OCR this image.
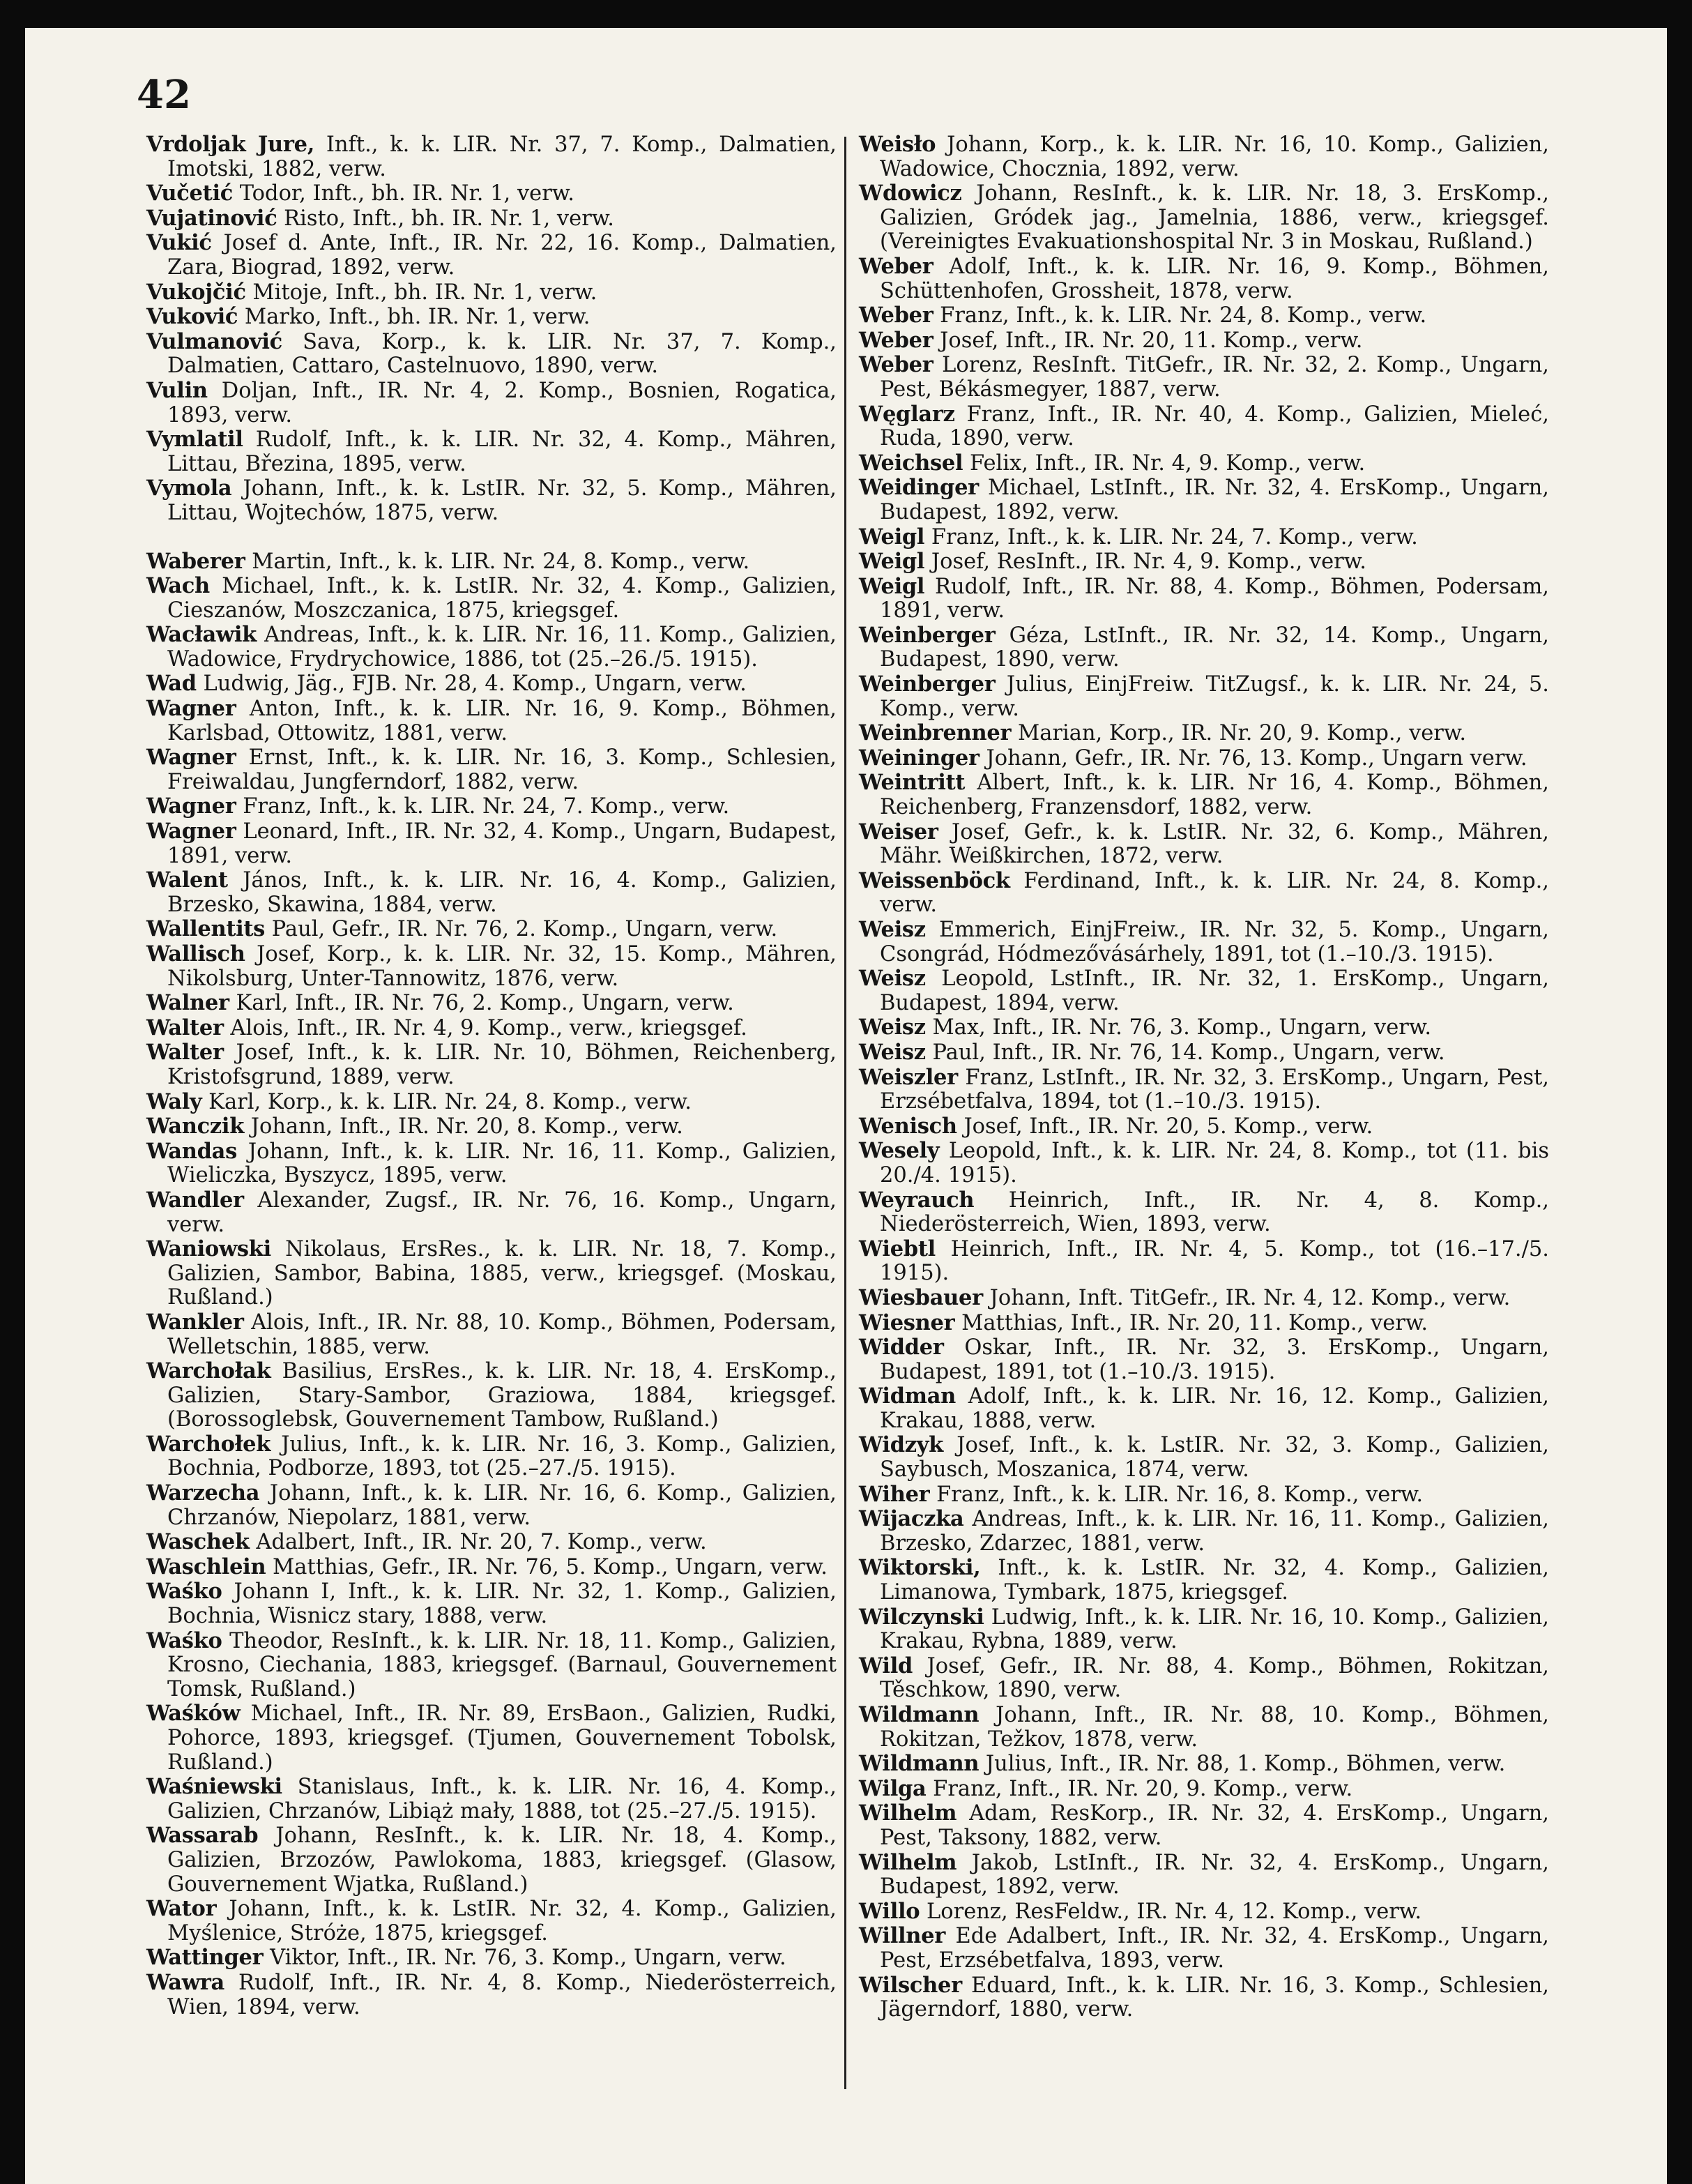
42
Vrdoljak Jure, Inft., k. k. LIR. Nr. 37, 7. Komp., Dalmatien, Imotski, 1882, verw.
Vučetić Todor, Inft., bh. IR. Nr. 1, verw.
Vujatinović Risto, Inft., bh. IR. Nr. 1, verw.
Vukić Josef d. Ante, Inft., IR. Nr. 22, 16. Komp., Dalmatien, Zara, Biograd, 1892, verw.
Vukojčić Mitoje, Inft., bh. IR. Nr. 1, verw.
Vuković Marko, Inft., bh. IR. Nr. 1, verw.
Vulmanović Sava, Korp., k. k. LIR. Nr. 37, 7. Komp., Dalmatien, Cattaro, Castelnuovo, 1890, verw.
Vulin Doljan, Inft., IR. Nr. 4, 2. Komp., Bosnien, Rogatica, 1893, verw.
Vymlatil Rudolf, Inft., k. k. LIR. Nr. 32, 4. Komp., Mähren, Littau, Březina, 1895, verw.
Vymola Johann, Inft., k. k. LstIR. Nr. 32, 5. Komp., Mähren, Littau, Wojtechów, 1875, verw.
Waberer Martin, Inft., k. k. LIR. Nr. 24, 8. Komp., verw.
Wach Michael, Inft., k. k. LstIR. Nr. 32, 4. Komp., Galizien, Cieszanów, Moszczanica, 1875, kriegsgef.
Wacławik Andreas, Inft., k. k. LIR. Nr. 16, 11. Komp., Galizien, Wadowice, Frydrychowice, 1886, tot (25.–26./5. 1915).
Wad Ludwig, Jäg., FJB. Nr. 28, 4. Komp., Ungarn, verw.
Wagner Anton, Inft., k. k. LIR. Nr. 16, 9. Komp., Böhmen, Karlsbad, Ottowitz, 1881, verw.
Wagner Ernst, Inft., k. k. LIR. Nr. 16, 3. Komp., Schlesien, Freiwaldau, Jungferndorf, 1882, verw.
Wagner Franz, Inft., k. k. LIR. Nr. 24, 7. Komp., verw.
Wagner Leonard, Inft., IR. Nr. 32, 4. Komp., Ungarn, Budapest, 1891, verw.
Walent János, Inft., k. k. LIR. Nr. 16, 4. Komp., Galizien, Brzesko, Skawina, 1884, verw.
Wallentits Paul, Gefr., IR. Nr. 76, 2. Komp., Ungarn, verw.
Wallisch Josef, Korp., k. k. LIR. Nr. 32, 15. Komp., Mähren, Nikolsburg, Unter-Tannowitz, 1876, verw.
Walner Karl, Inft., IR. Nr. 76, 2. Komp., Ungarn, verw.
Walter Alois, Inft., IR. Nr. 4, 9. Komp., verw., kriegsgef.
Walter Josef, Inft., k. k. LIR. Nr. 10, Böhmen, Reichenberg, Kristofsgrund, 1889, verw.
Waly Karl, Korp., k. k. LIR. Nr. 24, 8. Komp., verw.
Wanczik Johann, Inft., IR. Nr. 20, 8. Komp., verw.
Wandas Johann, Inft., k. k. LIR. Nr. 16, 11. Komp., Galizien, Wieliczka, Byszycz, 1895, verw.
Wandler Alexander, Zugsf., IR. Nr. 76, 16. Komp., Ungarn, verw.
Waniowski Nikolaus, ErsRes., k. k. LIR. Nr. 18, 7. Komp., Galizien, Sambor, Babina, 1885, verw., kriegsgef. (Moskau, Rußland.)
Wankler Alois, Inft., IR. Nr. 88, 10. Komp., Böhmen, Podersam, Welletschin, 1885, verw.
Warchołak Basilius, ErsRes., k. k. LIR. Nr. 18, 4. ErsKomp., Galizien, Stary-Sambor, Graziowa, 1884, kriegsgef. (Borossoglebsk, Gouvernement Tambow, Rußland.)
Warchołek Julius, Inft., k. k. LIR. Nr. 16, 3. Komp., Galizien, Bochnia, Podborze, 1893, tot (25.–27./5. 1915).
Warzecha Johann, Inft., k. k. LIR. Nr. 16, 6. Komp., Galizien, Chrzanów, Niepolarz, 1881, verw.
Waschek Adalbert, Inft., IR. Nr. 20, 7. Komp., verw.
Waschlein Matthias, Gefr., IR. Nr. 76, 5. Komp., Ungarn, verw.
Waśko Johann I, Inft., k. k. LIR. Nr. 32, 1. Komp., Galizien, Bochnia, Wisnicz stary, 1888, verw.
Waśko Theodor, ResInft., k. k. LIR. Nr. 18, 11. Komp., Galizien, Krosno, Ciechania, 1883, kriegsgef. (Barnaul, Gouvernement Tomsk, Rußland.)
Waśków Michael, Inft., IR. Nr. 89, ErsBaon., Galizien, Rudki, Pohorce, 1893, kriegsgef. (Tjumen, Gouvernement Tobolsk, Rußland.)
Waśniewski Stanislaus, Inft., k. k. LIR. Nr. 16, 4. Komp., Galizien, Chrzanów, Libiąż mały, 1888, tot (25.–27./5. 1915).
Wassarab Johann, ResInft., k. k. LIR. Nr. 18, 4. Komp., Galizien, Brzozów, Pawlokoma, 1883, kriegsgef. (Glasow, Gouvernement Wjatka, Rußland.)
Wator Johann, Inft., k. k. LstIR. Nr. 32, 4. Komp., Galizien, Myślenice, Stróże, 1875, kriegsgef.
Wattinger Viktor, Inft., IR. Nr. 76, 3. Komp., Ungarn, verw.
Wawra Rudolf, Inft., IR. Nr. 4, 8. Komp., Niederösterreich, Wien, 1894, verw.
Weisło Johann, Korp., k. k. LIR. Nr. 16, 10. Komp., Galizien, Wadowice, Chocznia, 1892, verw.
Wdowicz Johann, ResInft., k. k. LIR. Nr. 18, 3. ErsKomp., Galizien, Gródek jag., Jamelnia, 1886, verw., kriegsgef. (Vereinigtes Evakuationshospital Nr. 3 in Moskau, Rußland.)
Weber Adolf, Inft., k. k. LIR. Nr. 16, 9. Komp., Böhmen, Schüttenhofen, Grossheit, 1878, verw.
Weber Franz, Inft., k. k. LIR. Nr. 24, 8. Komp., verw.
Weber Josef, Inft., IR. Nr. 20, 11. Komp., verw.
Weber Lorenz, ResInft. TitGefr., IR. Nr. 32, 2. Komp., Ungarn, Pest, Békásmegyer, 1887, verw.
Węglarz Franz, Inft., IR. Nr. 40, 4. Komp., Galizien, Mieleć, Ruda, 1890, verw.
Weichsel Felix, Inft., IR. Nr. 4, 9. Komp., verw.
Weidinger Michael, LstInft., IR. Nr. 32, 4. ErsKomp., Ungarn, Budapest, 1892, verw.
Weigl Franz, Inft., k. k. LIR. Nr. 24, 7. Komp., verw.
Weigl Josef, ResInft., IR. Nr. 4, 9. Komp., verw.
Weigl Rudolf, Inft., IR. Nr. 88, 4. Komp., Böhmen, Podersam, 1891, verw.
Weinberger Géza, LstInft., IR. Nr. 32, 14. Komp., Ungarn, Budapest, 1890, verw.
Weinberger Julius, EinjFreiw. TitZugsf., k. k. LIR. Nr. 24, 5. Komp., verw.
Weinbrenner Marian, Korp., IR. Nr. 20, 9. Komp., verw.
Weininger Johann, Gefr., IR. Nr. 76, 13. Komp., Ungarn verw.
Weintritt Albert, Inft., k. k. LIR. Nr 16, 4. Komp., Böhmen, Reichenberg, Franzensdorf, 1882, verw.
Weiser Josef, Gefr., k. k. LstIR. Nr. 32, 6. Komp., Mähren, Mähr. Weißkirchen, 1872, verw.
Weissenböck Ferdinand, Inft., k. k. LIR. Nr. 24, 8. Komp., verw.
Weisz Emmerich, EinjFreiw., IR. Nr. 32, 5. Komp., Ungarn, Csongrád, Hódmezővásárhely, 1891, tot (1.–10./3. 1915).
Weisz Leopold, LstInft., IR. Nr. 32, 1. ErsKomp., Ungarn, Budapest, 1894, verw.
Weisz Max, Inft., IR. Nr. 76, 3. Komp., Ungarn, verw.
Weisz Paul, Inft., IR. Nr. 76, 14. Komp., Ungarn, verw.
Weiszler Franz, LstInft., IR. Nr. 32, 3. ErsKomp., Ungarn, Pest, Erzsébetfalva, 1894, tot (1.–10./3. 1915).
Wenisch Josef, Inft., IR. Nr. 20, 5. Komp., verw.
Wesely Leopold, Inft., k. k. LIR. Nr. 24, 8. Komp., tot (11. bis 20./4. 1915).
Weyrauch Heinrich, Inft., IR. Nr. 4, 8. Komp., Niederösterreich, Wien, 1893, verw.
Wiebtl Heinrich, Inft., IR. Nr. 4, 5. Komp., tot (16.–17./5. 1915).
Wiesbauer Johann, Inft. TitGefr., IR. Nr. 4, 12. Komp., verw.
Wiesner Matthias, Inft., IR. Nr. 20, 11. Komp., verw.
Widder Oskar, Inft., IR. Nr. 32, 3. ErsKomp., Ungarn, Budapest, 1891, tot (1.–10./3. 1915).
Widman Adolf, Inft., k. k. LIR. Nr. 16, 12. Komp., Galizien, Krakau, 1888, verw.
Widzyk Josef, Inft., k. k. LstIR. Nr. 32, 3. Komp., Galizien, Saybusch, Moszanica, 1874, verw.
Wiher Franz, Inft., k. k. LIR. Nr. 16, 8. Komp., verw.
Wijaczka Andreas, Inft., k. k. LIR. Nr. 16, 11. Komp., Galizien, Brzesko, Zdarzec, 1881, verw.
Wiktorski, Inft., k. k. LstIR. Nr. 32, 4. Komp., Galizien, Limanowa, Tymbark, 1875, kriegsgef.
Wilczynski Ludwig, Inft., k. k. LIR. Nr. 16, 10. Komp., Galizien, Krakau, Rybna, 1889, verw.
Wild Josef, Gefr., IR. Nr. 88, 4. Komp., Böhmen, Rokitzan, Těschkow, 1890, verw.
Wildmann Johann, Inft., IR. Nr. 88, 10. Komp., Böhmen, Rokitzan, Težkov, 1878, verw.
Wildmann Julius, Inft., IR. Nr. 88, 1. Komp., Böhmen, verw.
Wilga Franz, Inft., IR. Nr. 20, 9. Komp., verw.
Wilhelm Adam, ResKorp., IR. Nr. 32, 4. ErsKomp., Ungarn, Pest, Taksony, 1882, verw.
Wilhelm Jakob, LstInft., IR. Nr. 32, 4. ErsKomp., Ungarn, Budapest, 1892, verw.
Willo Lorenz, ResFeldw., IR. Nr. 4, 12. Komp., verw.
Willner Ede Adalbert, Inft., IR. Nr. 32, 4. ErsKomp., Ungarn, Pest, Erzsébetfalva, 1893, verw.
Wilscher Eduard, Inft., k. k. LIR. Nr. 16, 3. Komp., Schlesien, Jägerndorf, 1880, verw.
